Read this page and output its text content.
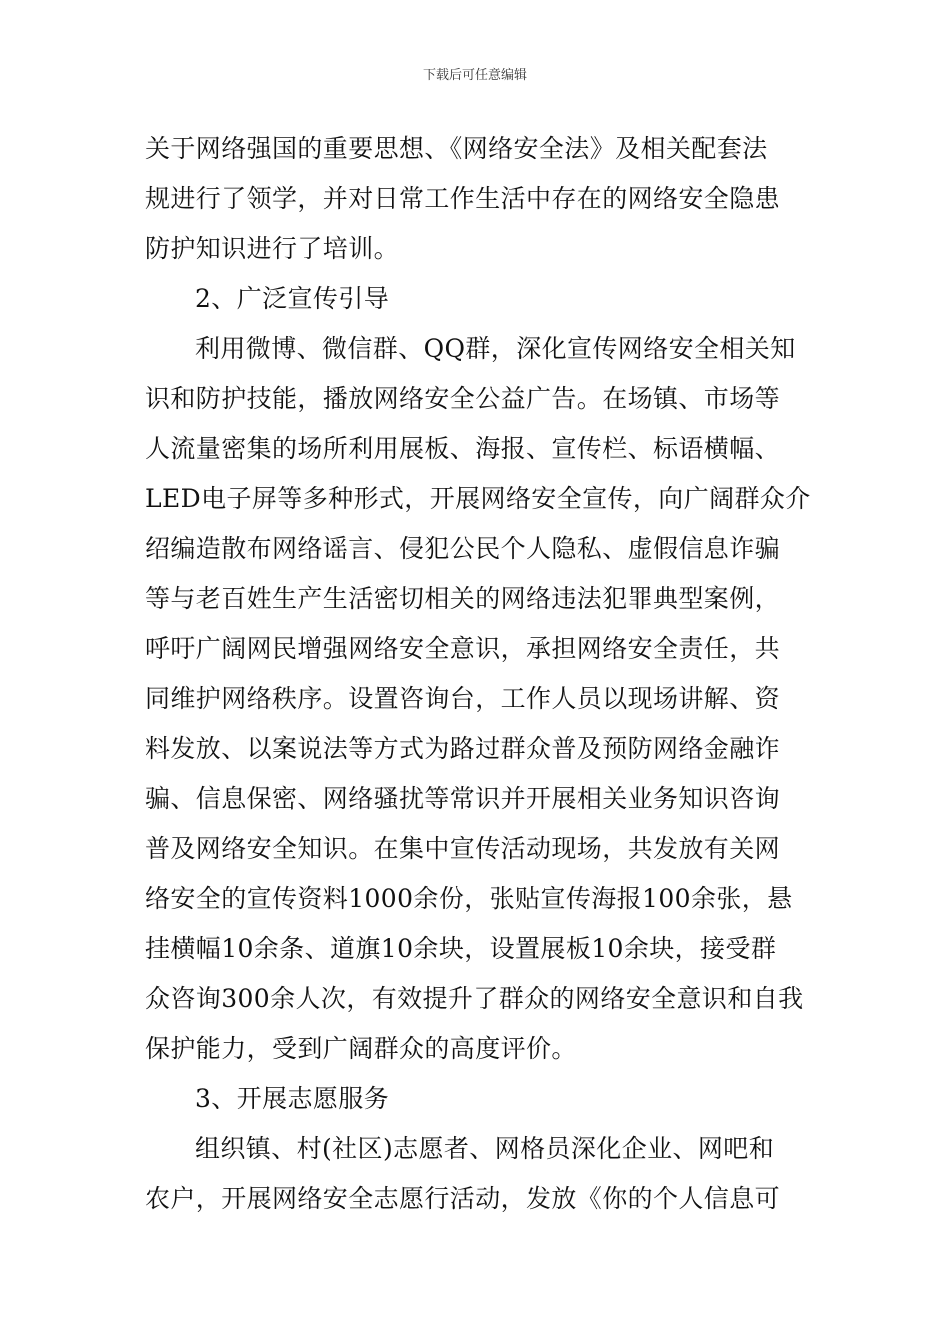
下载后可任意编辑
关于网络强国的重要思想、《网络安全法》及相关配套法
规进行了领学，并对日常工作生活中存在的网络安全隐患
防护知识进行了培训。
2、广泛宣传引导
利用微博、微信群、QQ群，深化宣传网络安全相关知
识和防护技能，播放网络安全公益广告。在场镇、市场等
人流量密集的场所利用展板、海报、宣传栏、标语横幅、
LED电子屏等多种形式，开展网络安全宣传，向广阔群众介
绍编造散布网络谣言、侵犯公民个人隐私、虚假信息诈骗
等与老百姓生产生活密切相关的网络违法犯罪典型案例，
呼吁广阔网民增强网络安全意识，承担网络安全责任，共
同维护网络秩序。设置咨询台，工作人员以现场讲解、资
料发放、以案说法等方式为路过群众普及预防网络金融诈
骗、信息保密、网络骚扰等常识并开展相关业务知识咨询
普及网络安全知识。在集中宣传活动现场，共发放有关网
络安全的宣传资料1000余份，张贴宣传海报100余张，悬
挂横幅10余条、道旗10余块，设置展板10余块，接受群
众咨询300余人次，有效提升了群众的网络安全意识和自我
保护能力，受到广阔群众的高度评价。
3、开展志愿服务
组织镇、村(社区)志愿者、网格员深化企业、网吧和
农户，开展网络安全志愿行活动，发放《你的个人信息可
